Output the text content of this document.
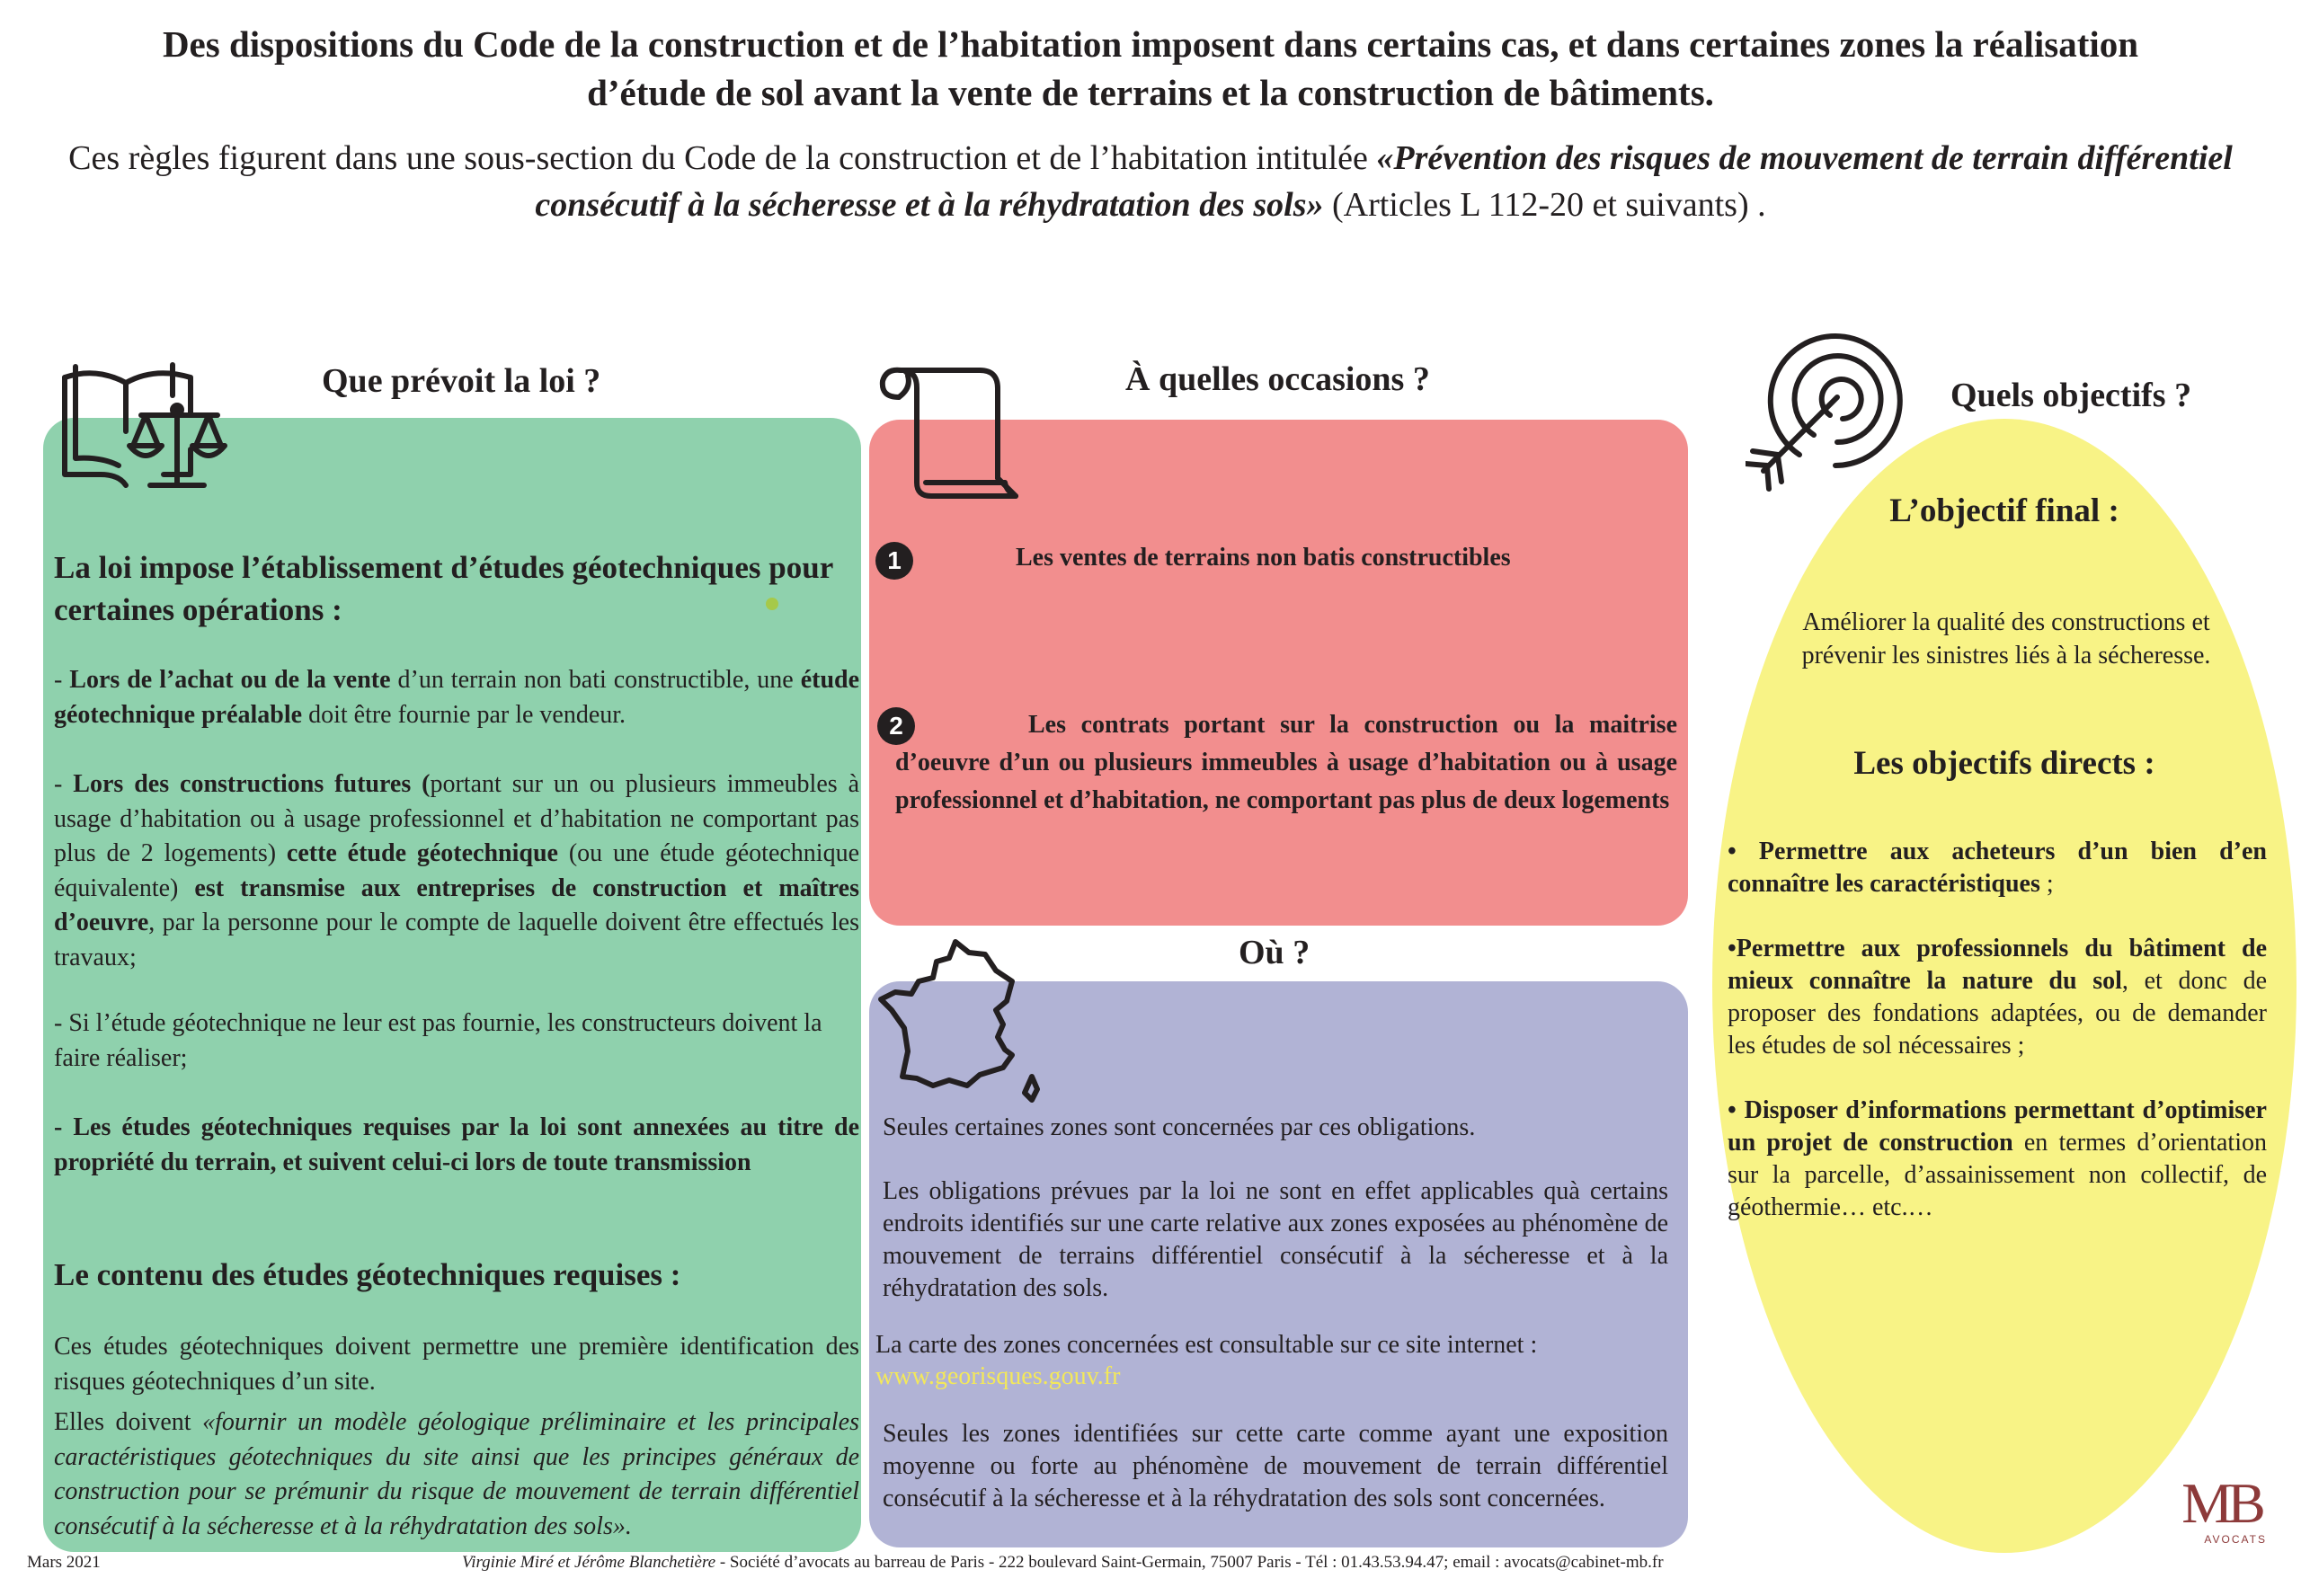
Des dispositions du Code de la construction et de l’habitation imposent dans certains cas, et dans certaines zones la réalisation
d’étude de sol avant la vente de terrains et la construction de bâtiments.
Ces règles figurent dans une sous-section du Code de la construction et de l’habitation intitulée «Prévention des risques de mouvement de terrain différentiel consécutif à la sécheresse et à la réhydratation des sols» (Articles L 112-20 et suivants) .
Que prévoit la loi ?	À quelles occasions ?
Où ?
Quels objectifs ?
La loi impose l’établissement d’études géotechniques pour certaines opérations :
- Lors de l’achat ou de la vente d’un terrain non bati constructible, une étude géotechnique préalable doit être fournie par le vendeur.
- Lors des constructions futures (portant sur un ou plusieurs immeubles à usage d’habitation ou à usage professionnel et d’habitation ne comportant pas plus de 2 logements) cette étude géotechnique (ou une étude géotechnique équivalente) est transmise aux entreprises de construction et maîtres d’oeuvre, par la personne pour le compte de laquelle doivent être effectués les travaux;
- Si l’étude géotechnique ne leur est pas fournie, les constructeurs doivent la faire réaliser;
- Les études géotechniques requises par la loi sont annexées au titre de propriété du terrain, et suivent celui-ci lors de toute transmission
Le contenu des études géotechniques requises :
Ces études géotechniques doivent permettre une première identification des risques géotechniques d’un site.
Elles doivent «fournir un modèle géologique préliminaire et les principales caractéristiques géotechniques du site ainsi que les principes généraux de construction pour se prémunir du risque de mouvement de terrain différentiel consécutif à la sécheresse et à la réhydratation des sols».
1	Les ventes de terrains non batis constructibles
2	Les contrats portant sur la construction ou la maitrise d’oeuvre d’un ou plusieurs immeubles à usage d’habitation ou à usage professionnel et d’habitation, ne comportant pas plus de deux logements
Seules certaines zones sont concernées par ces obligations.
Les obligations prévues par la loi ne sont en effet applicables quà certains endroits identifiés sur une carte relative aux zones exposées au phénomène de mouvement de terrains différentiel consécutif à la sécheresse et à la réhydratation des sols.
La carte des zones concernées est consultable sur ce site internet :
www.georisques.gouv.fr
Seules les zones identifiées sur cette carte comme ayant une exposition moyenne ou forte au phénomène de mouvement de terrain différentiel consécutif à la sécheresse et à la réhydratation des sols sont concernées.
L’objectif final :
Améliorer la qualité des constructions et prévenir les sinistres liés à la sécheresse.
Les objectifs directs :
• Permettre aux acheteurs d’un bien d’en connaître les caractéristiques ;
•Permettre aux professionnels du bâtiment de mieux connaître la nature du sol, et donc de proposer des fondations adaptées, ou de demander les études de sol nécessaires ;
• Disposer d’informations permettant d’optimiser un projet de construction en termes d’orientation sur la parcelle, d’assainissement non collectif, de géothermie… etc.…
MB
AVOCATS
Mars 2021	Virginie Miré et Jérôme Blanchetière - Société d’avocats au barreau de Paris - 222 boulevard Saint-Germain, 75007 Paris - Tél : 01.43.53.94.47; email : avocats@cabinet-mb.fr
